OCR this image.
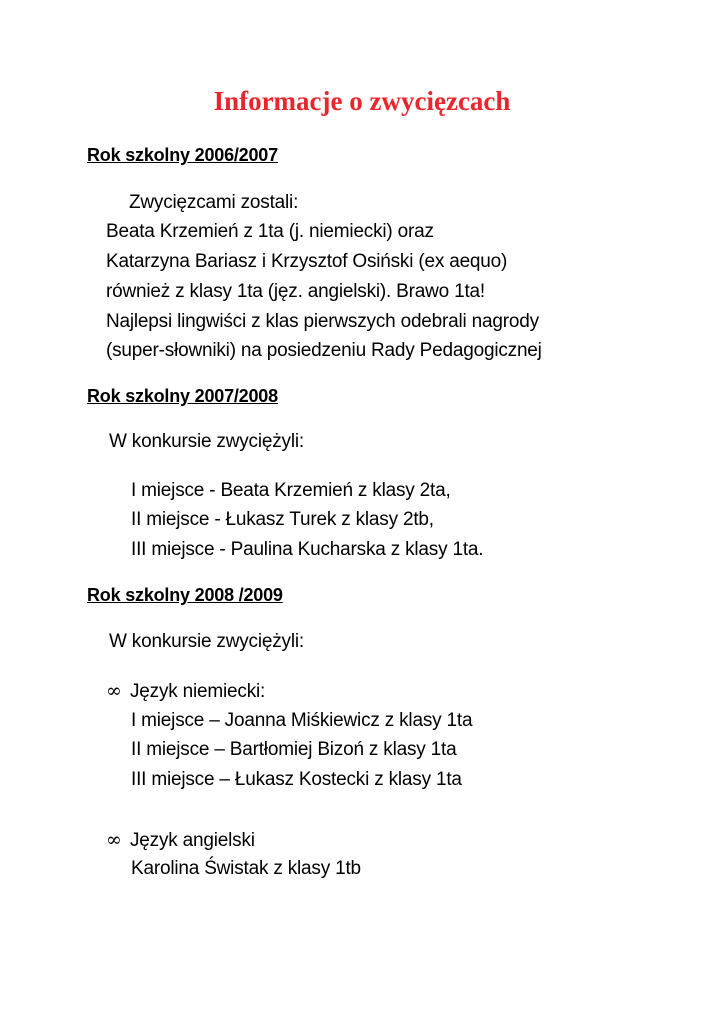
Informacje o zwycięzcach
Rok szkolny 2006/2007

Zwycięzcami zostali:

Beata Krzemień z 1ta (j. niemiecki) oraz

Katarzyna Bariasz i Krzysztof Osiński (ex aequo)

również z klasy 1ta (jęz. angielski). Brawo 1ta!

Najlepsi lingwiści z klas pierwszych odebrali nagrody

(super-słowniki) na posiedzeniu Rady Pedagogicznej

Rok szkolny 2007/2008

W konkursie zwyciężyli:

I miejsce - Beata Krzemień z klasy 2ta,

II miejsce - Łukasz Turek z klasy 2tb,

III miejsce - Paulina Kucharska z klasy 1ta.

Rok szkolny 2008 /2009

W konkursie zwyciężyli:

∞ Język niemiecki:

I miejsce – Joanna Miśkiewicz z klasy 1ta

II miejsce – Bartłomiej Bizoń z klasy 1ta

III miejsce – Łukasz Kostecki z klasy 1ta

∞ Język angielski

Karolina Świstak z klasy 1tb
